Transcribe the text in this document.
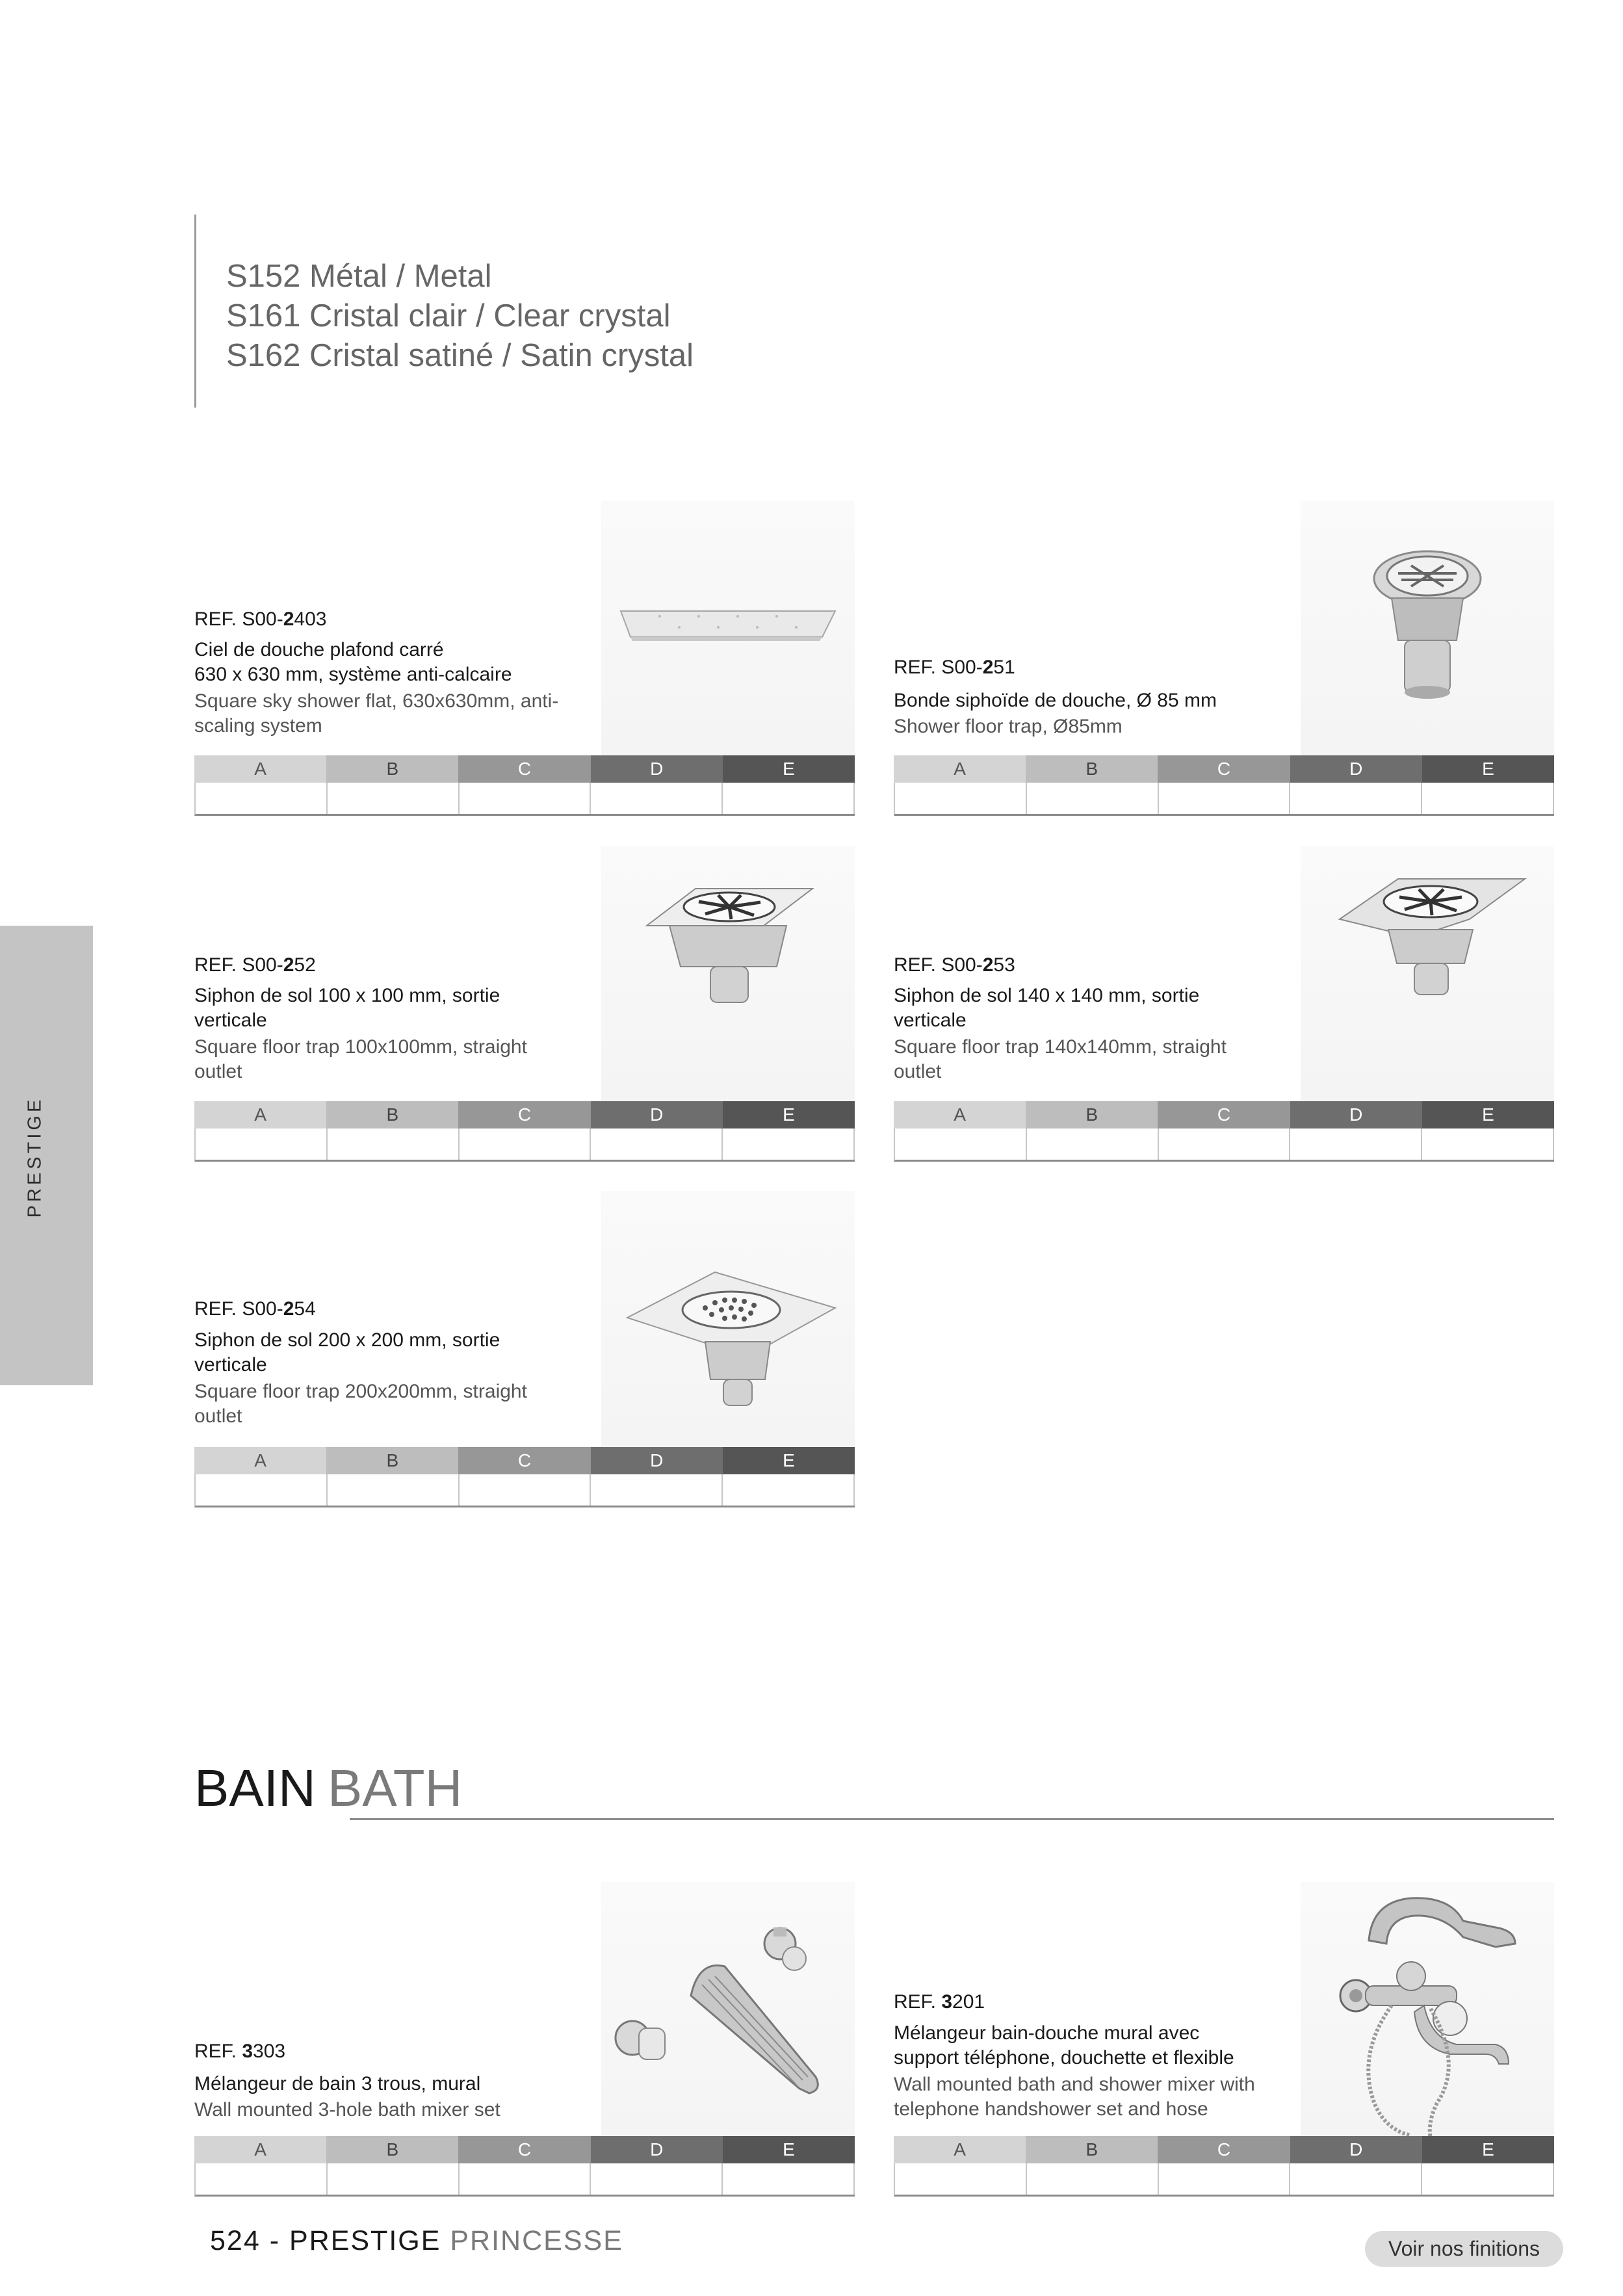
S152 Métal / Metal
S161 Cristal clair / Clear crystal
S162 Cristal satiné / Satin crystal
PRESTIGE
REF. S00-2403
Ciel de douche plafond carré
630 x 630 mm, système anti-calcaire
Square sky shower flat, 630x630mm, anti-
scaling system
A	B	C	D	E
REF. S00-251
Bonde siphoïde de douche, Ø 85 mm
Shower floor trap, Ø85mm
A	B	C	D	E
REF. S00-252
Siphon de sol 100 x 100 mm, sortie
verticale
Square floor trap 100x100mm, straight
outlet
A	B	C	D	E
REF. S00-253
Siphon de sol 140 x 140 mm, sortie
verticale
Square floor trap 140x140mm, straight
outlet
A	B	C	D	E
REF. S00-254
Siphon de sol 200 x 200 mm, sortie
verticale
Square floor trap 200x200mm, straight
outlet
A	B	C	D	E
BAIN BATH
REF. 3303
Mélangeur de bain 3 trous, mural
Wall mounted 3-hole bath mixer set
A	B	C	D	E
REF. 3201
Mélangeur bain-douche mural avec
support téléphone, douchette et flexible
Wall mounted bath and shower mixer with
telephone handshower set and hose
A	B	C	D	E
524 - PRESTIGE PRINCESSE	Voir nos finitions
